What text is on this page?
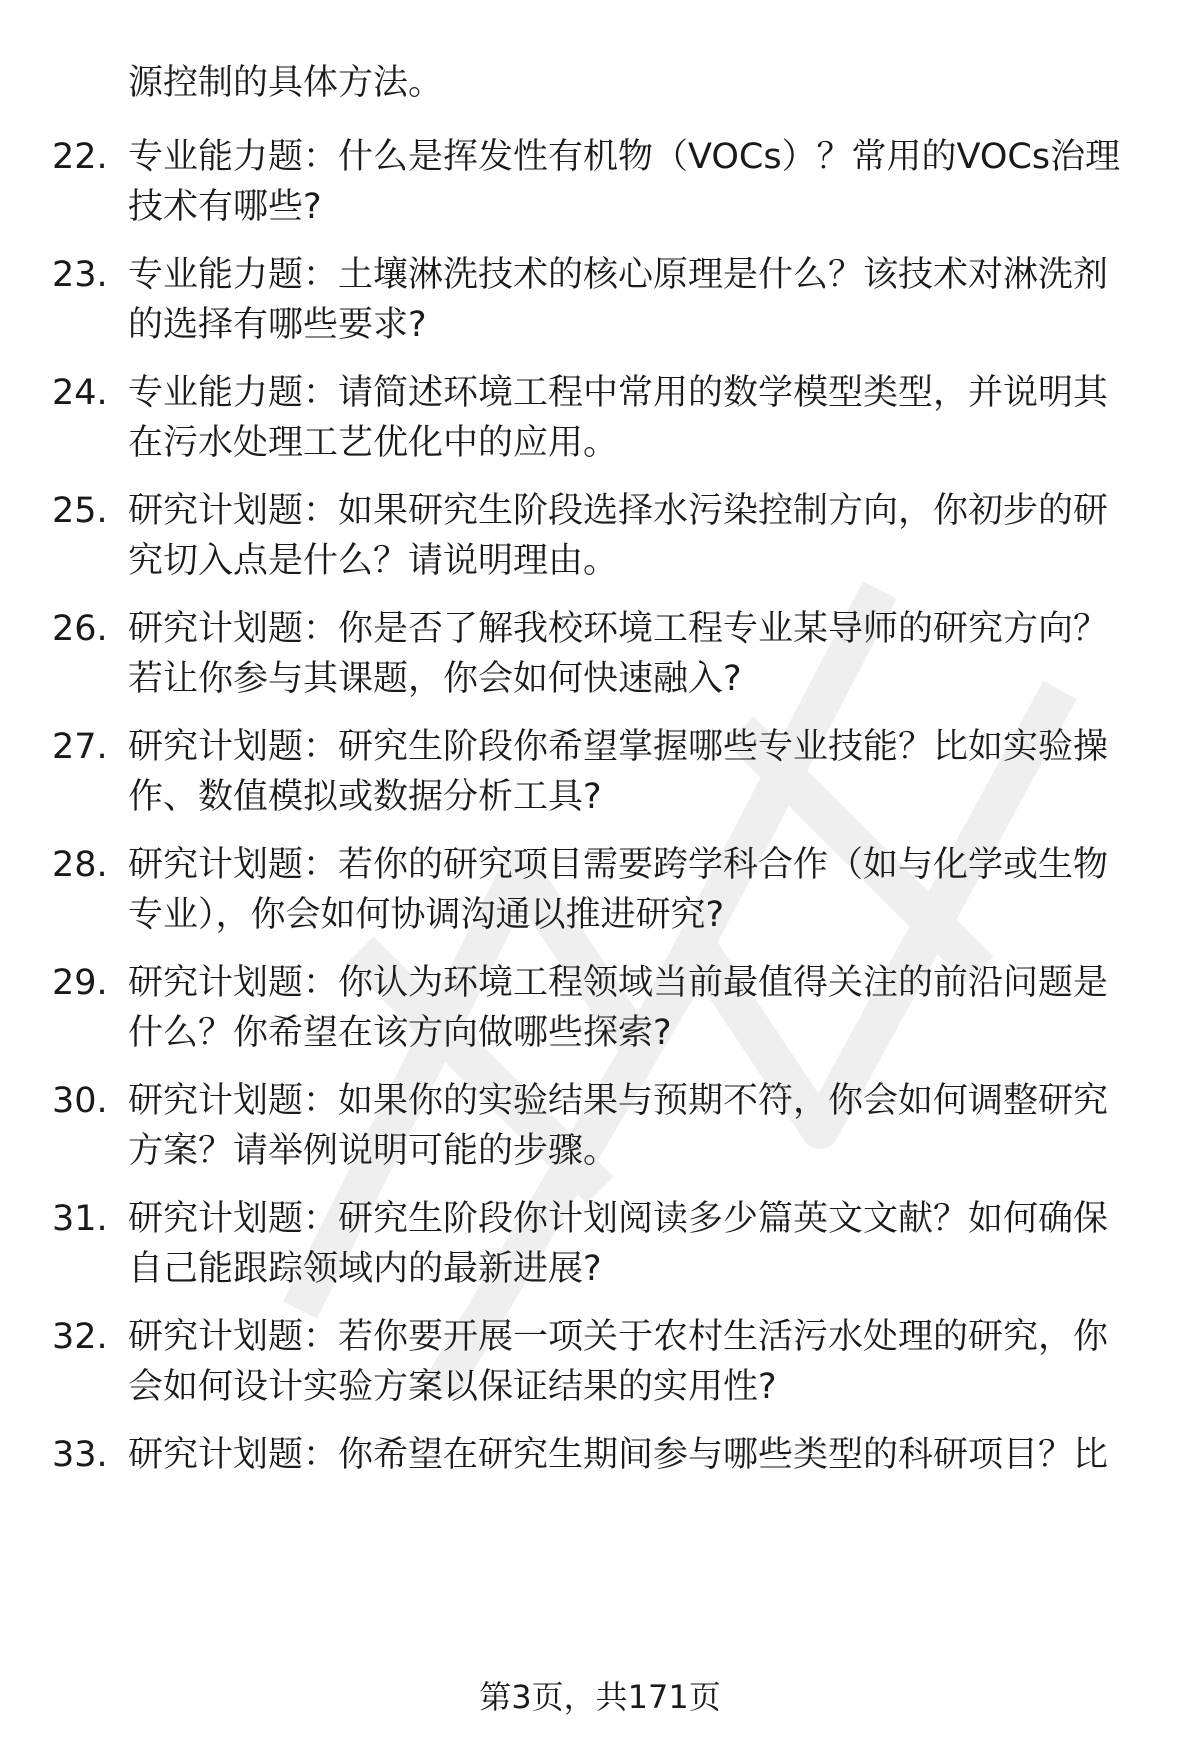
源控制的具体方法。
22. 专业能力题：什么是挥发性有机物（VOCs）？常用的VOCs治理
技术有哪些?
23. 专业能力题：土壤淋洗技术的核心原理是什么？该技术对淋洗剂
的选择有哪些要求?
24. 专业能力题：请简述环境工程中常用的数学模型类型，并说明其
在污水处理工艺优化中的应用。
25. 研究计划题：如果研究生阶段选择水污染控制方向，你初步的研
究切入点是什么？请说明理由。
26. 研究计划题：你是否了解我校环境工程专业某导师的研究方向？
若让你参与其课题，你会如何快速融入?
27. 研究计划题：研究生阶段你希望掌握哪些专业技能？比如实验操
作、数值模拟或数据分析工具?
28. 研究计划题：若你的研究项目需要跨学科合作（如与化学或生物
专业），你会如何协调沟通以推进研究?
29. 研究计划题：你认为环境工程领域当前最值得关注的前沿问题是
什么？你希望在该方向做哪些探索?
30. 研究计划题：如果你的实验结果与预期不符，你会如何调整研究
方案？请举例说明可能的步骤。
31. 研究计划题：研究生阶段你计划阅读多少篇英文文献？如何确保
自己能跟踪领域内的最新进展?
32. 研究计划题：若你要开展一项关于农村生活污水处理的研究，你
会如何设计实验方案以保证结果的实用性?
33. 研究计划题：你希望在研究生期间参与哪些类型的科研项目？比
第3页，共171页
